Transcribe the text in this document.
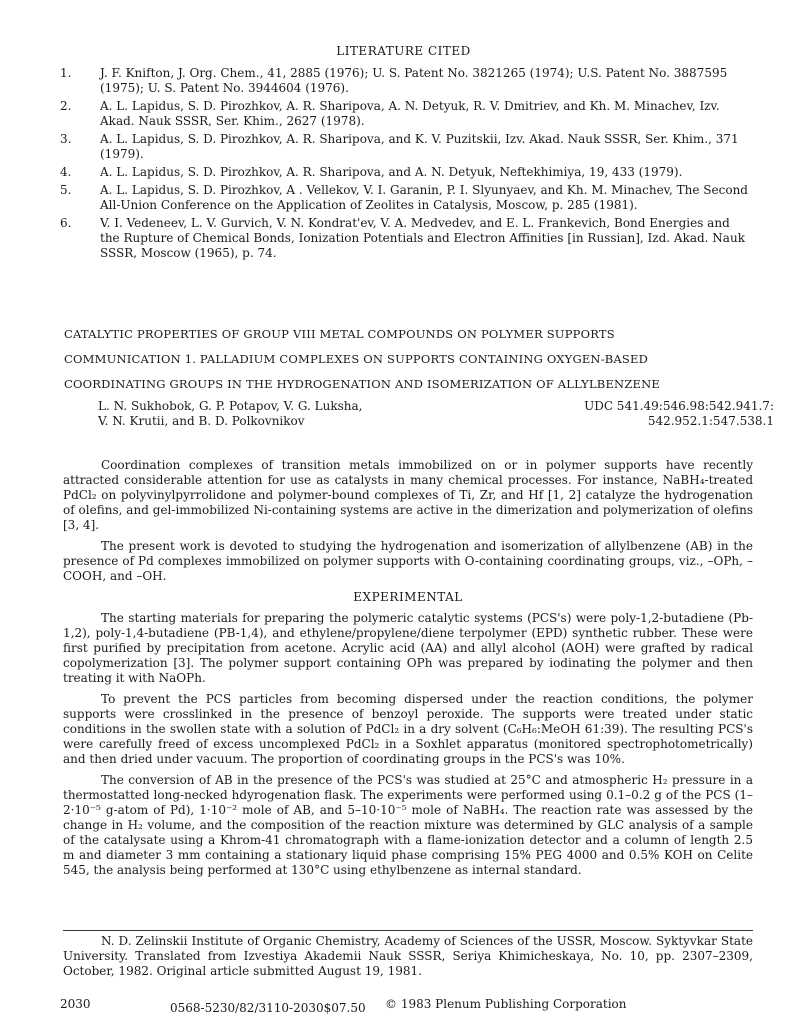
LITERATURE CITED
1.	J. F. Knifton, J. Org. Chem., 41, 2885 (1976); U. S. Patent No. 3821265 (1974); U.S. Patent No. 3887595 (1975); U. S. Patent No. 3944604 (1976).
2.	A. L. Lapidus, S. D. Pirozhkov, A. R. Sharipova, A. N. Detyuk, R. V. Dmitriev, and Kh. M. Minachev, Izv. Akad. Nauk SSSR, Ser. Khim., 2627 (1978).
3.	A. L. Lapidus, S. D. Pirozhkov, A. R. Sharipova, and K. V. Puzitskii, Izv. Akad. Nauk SSSR, Ser. Khim., 371 (1979).
4.	A. L. Lapidus, S. D. Pirozhkov, A. R. Sharipova, and A. N. Detyuk, Neftekhimiya, 19, 433 (1979).
5.	A. L. Lapidus, S. D. Pirozhkov, A . Vellekov, V. I. Garanin, P. I. Slyunyaev, and Kh. M. Minachev, The Second All-Union Conference on the Application of Zeolites in Catalysis, Moscow, p. 285 (1981).
6.	V. I. Vedeneev, L. V. Gurvich, V. N. Kondrat'ev, V. A. Medvedev, and E. L. Frankevich, Bond Energies and the Rupture of Chemical Bonds, Ionization Potentials and Electron Affinities [in Russian], Izd. Akad. Nauk SSSR, Moscow (1965), p. 74.
CATALYTIC PROPERTIES OF GROUP VIII METAL COMPOUNDS ON POLYMER SUPPORTS
COMMUNICATION 1. PALLADIUM COMPLEXES ON SUPPORTS CONTAINING OXYGEN-BASED
COORDINATING GROUPS IN THE HYDROGENATION AND ISOMERIZATION OF ALLYLBENZENE
L. N. Sukhobok, G. P. Potapov, V. G. Luksha,
V. N. Krutii, and B. D. Polkovnikov
UDC 541.49:546.98:542.941.7:
542.952.1:547.538.1

Coordination complexes of transition metals immobilized on or in polymer supports have recently attracted considerable attention for use as catalysts in many chemical processes. For instance, NaBH₄-treated PdCl₂ on polyvinylpyrrolidone and polymer-bound complexes of Ti, Zr, and Hf [1, 2] catalyze the hydrogenation of olefins, and gel-immobilized Ni-containing systems are active in the dimerization and polymerization of olefins [3, 4].

The present work is devoted to studying the hydrogenation and isomerization of allylbenzene (AB) in the presence of Pd complexes immobilized on polymer supports with O-containing coordinating groups, viz., –OPh, –COOH, and –OH.

EXPERIMENTAL

The starting materials for preparing the polymeric catalytic systems (PCS's) were poly-1,2-butadiene (Pb-1,2), poly-1,4-butadiene (PB-1,4), and ethylene/propylene/diene terpolymer (EPD) synthetic rubber. These were first purified by precipitation from acetone. Acrylic acid (AA) and allyl alcohol (AOH) were grafted by radical copolymerization [3]. The polymer support containing OPh was prepared by iodinating the polymer and then treating it with NaOPh.

To prevent the PCS particles from becoming dispersed under the reaction conditions, the polymer supports were crosslinked in the presence of benzoyl peroxide. The supports were treated under static conditions in the swollen state with a solution of PdCl₂ in a dry solvent (C₆H₆:MeOH 61:39). The resulting PCS's were carefully freed of excess uncomplexed PdCl₂ in a Soxhlet apparatus (monitored spectrophotometrically) and then dried under vacuum. The proportion of coordinating groups in the PCS's was 10%.

The conversion of AB in the presence of the PCS's was studied at 25°C and atmospheric H₂ pressure in a thermostatted long-necked hdyrogenation flask. The experiments were performed using 0.1–0.2 g of the PCS (1–2·10⁻⁵ g-atom of Pd), 1·10⁻² mole of AB, and 5–10·10⁻⁵ mole of NaBH₄. The reaction rate was assessed by the change in H₂ volume, and the composition of the reaction mixture was determined by GLC analysis of a sample of the catalysate using a Khrom-41 chromatograph with a flame-ionization detector and a column of length 2.5 m and diameter 3 mm containing a stationary liquid phase comprising 15% PEG 4000 and 0.5% KOH on Celite 545, the analysis being performed at 130°C using ethylbenzene as internal standard.

N. D. Zelinskii Institute of Organic Chemistry, Academy of Sciences of the USSR, Moscow. Syktyvkar State University. Translated from Izvestiya Akademii Nauk SSSR, Seriya Khimicheskaya, No. 10, pp. 2307–2309, October, 1982. Original article submitted August 19, 1981.

2030	0568-5230/82/3110-2030$07.50 © 1983 Plenum Publishing Corporation
